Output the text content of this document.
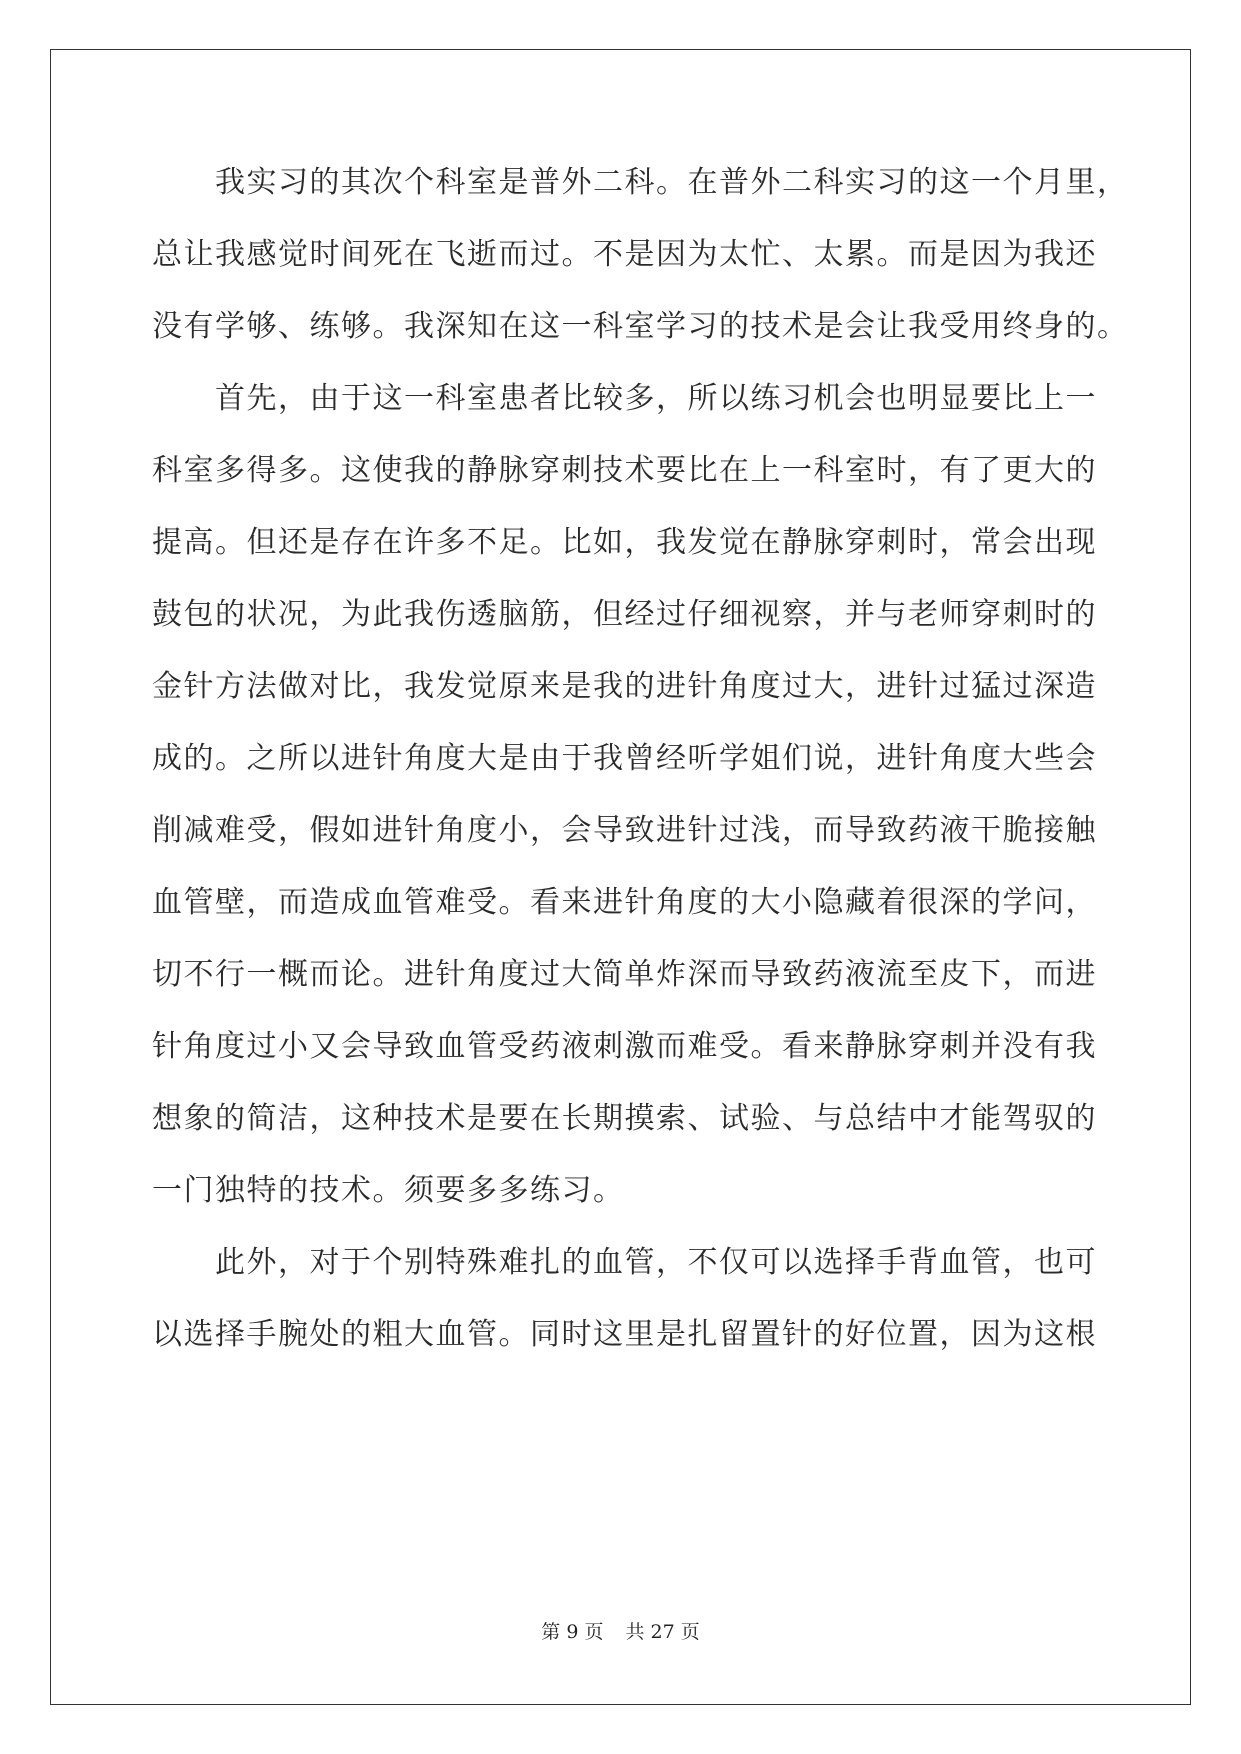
　　我实习的其次个科室是普外二科。在普外二科实习的这一个月里，
总让我感觉时间死在飞逝而过。不是因为太忙、太累。而是因为我还
没有学够、练够。我深知在这一科室学习的技术是会让我受用终身的。
　　首先，由于这一科室患者比较多，所以练习机会也明显要比上一
科室多得多。这使我的静脉穿刺技术要比在上一科室时，有了更大的
提高。但还是存在许多不足。比如，我发觉在静脉穿刺时，常会出现
鼓包的状况，为此我伤透脑筋，但经过仔细视察，并与老师穿刺时的
金针方法做对比，我发觉原来是我的进针角度过大，进针过猛过深造
成的。之所以进针角度大是由于我曾经听学姐们说，进针角度大些会
削减难受，假如进针角度小，会导致进针过浅，而导致药液干脆接触
血管壁，而造成血管难受。看来进针角度的大小隐藏着很深的学问，
切不行一概而论。进针角度过大简单炸深而导致药液流至皮下，而进
针角度过小又会导致血管受药液刺激而难受。看来静脉穿刺并没有我
想象的简洁，这种技术是要在长期摸索、试验、与总结中才能驾驭的
一门独特的技术。须要多多练习。
　　此外，对于个别特殊难扎的血管，不仅可以选择手背血管，也可
以选择手腕处的粗大血管。同时这里是扎留置针的好位置，因为这根
第 9 页 共 27 页
